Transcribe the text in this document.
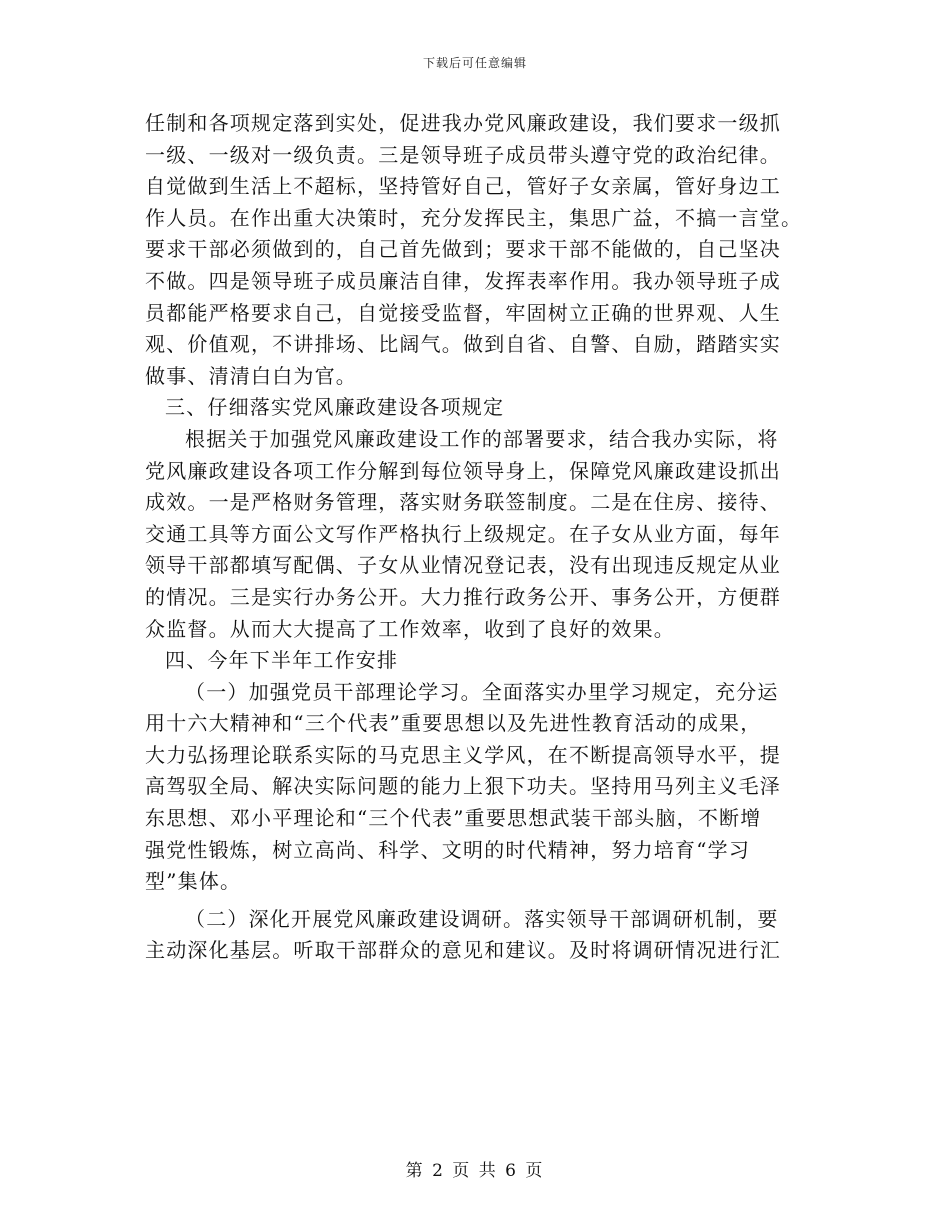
下载后可任意编辑
任制和各项规定落到实处，促进我办党风廉政建设，我们要求一级抓
一级、一级对一级负责。三是领导班子成员带头遵守党的政治纪律。
自觉做到生活上不超标，坚持管好自己，管好子女亲属，管好身边工
作人员。在作出重大决策时，充分发挥民主，集思广益，不搞一言堂。
要求干部必须做到的，自己首先做到；要求干部不能做的，自己坚决
不做。四是领导班子成员廉洁自律，发挥表率作用。我办领导班子成
员都能严格要求自己，自觉接受监督，牢固树立正确的世界观、人生
观、价值观，不讲排场、比阔气。做到自省、自警、自励，踏踏实实
做事、清清白白为官。
三、仔细落实党风廉政建设各项规定
根据关于加强党风廉政建设工作的部署要求，结合我办实际，将
党风廉政建设各项工作分解到每位领导身上，保障党风廉政建设抓出
成效。一是严格财务管理，落实财务联签制度。二是在住房、接待、
交通工具等方面公文写作严格执行上级规定。在子女从业方面，每年
领导干部都填写配偶、子女从业情况登记表，没有出现违反规定从业
的情况。三是实行办务公开。大力推行政务公开、事务公开，方便群
众监督。从而大大提高了工作效率，收到了良好的效果。
四、今年下半年工作安排
（一）加强党员干部理论学习。全面落实办里学习规定，充分运
用十六大精神和“三个代表”重要思想以及先进性教育活动的成果，
大力弘扬理论联系实际的马克思主义学风，在不断提高领导水平，提
高驾驭全局、解决实际问题的能力上狠下功夫。坚持用马列主义毛泽
东思想、邓小平理论和“三个代表”重要思想武装干部头脑，不断增
强党性锻炼，树立高尚、科学、文明的时代精神，努力培育“学习
型”集体。
（二）深化开展党风廉政建设调研。落实领导干部调研机制，要
主动深化基层。听取干部群众的意见和建议。及时将调研情况进行汇
第 2 页 共 6 页
